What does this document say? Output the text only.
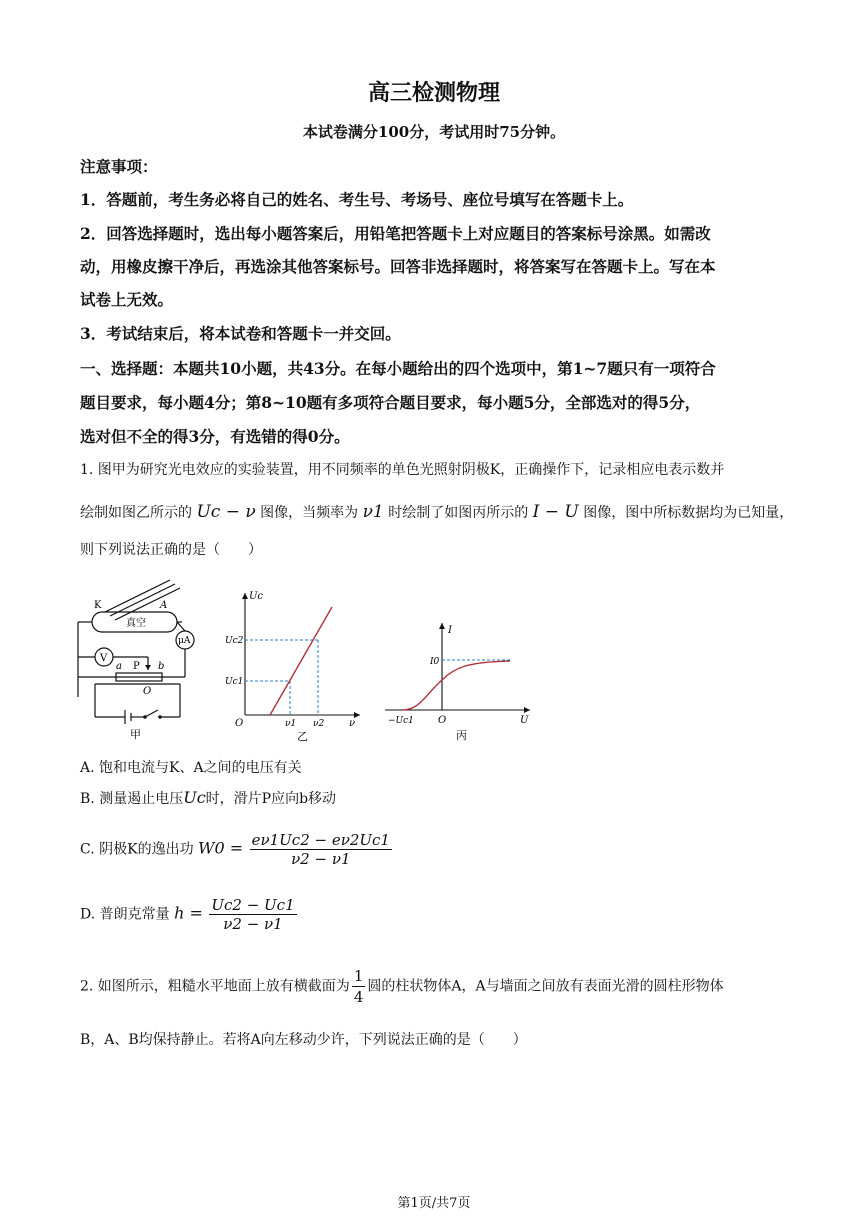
高三检测物理
本试卷满分100分，考试用时75分钟。
注意事项：
1．答题前，考生务必将自己的姓名、考生号、考场号、座位号填写在答题卡上。
2．回答选择题时，选出每小题答案后，用铅笔把答题卡上对应题目的答案标号涂黑。如需改
动，用橡皮擦干净后，再选涂其他答案标号。回答非选择题时，将答案写在答题卡上。写在本
试卷上无效。
3．考试结束后，将本试卷和答题卡一并交回。
一、选择题：本题共10小题，共43分。在每小题给出的四个选项中，第1~7题只有一项符合
题目要求，每小题4分；第8~10题有多项符合题目要求，每小题5分，全部选对的得5分，
选对但不全的得3分，有选错的得0分。
1. 图甲为研究光电效应的实验装置，用不同频率的单色光照射阴极K，正确操作下，记录相应电表示数并
绘制如图乙所示的 Uc − ν 图像，当频率为 ν1 时绘制了如图丙所示的 I − U 图像，图中所标数据均为已知量，
则下列说法正确的是（　　）
K	A
真空
μA
V
a P b
O
甲
Uc
Uc2
Uc1
O	ν1 ν2 ν
乙
I
I0
O
−Uc1	U
丙
A. 饱和电流与K、A之间的电压有关
B. 测量遏止电压Uc时，滑片P应向b移动
C. 阴极K的逸出功 $W0 = \frac{e\nu 1Uc2 - e\nu 2Uc1}{\nu 2 - \nu 1}$
D. 普朗克常量 $h = \frac{Uc2 - Uc1}{\nu 2 - \nu 1}$
2. 如图所示，粗糙水平地面上放有横截面为 $\frac{1}{4}$ 圆的柱状物体A，A与墙面之间放有表面光滑的圆柱形物体
B，A、B均保持静止。若将A向左移动少许，下列说法正确的是（　　）
第1页/共7页
